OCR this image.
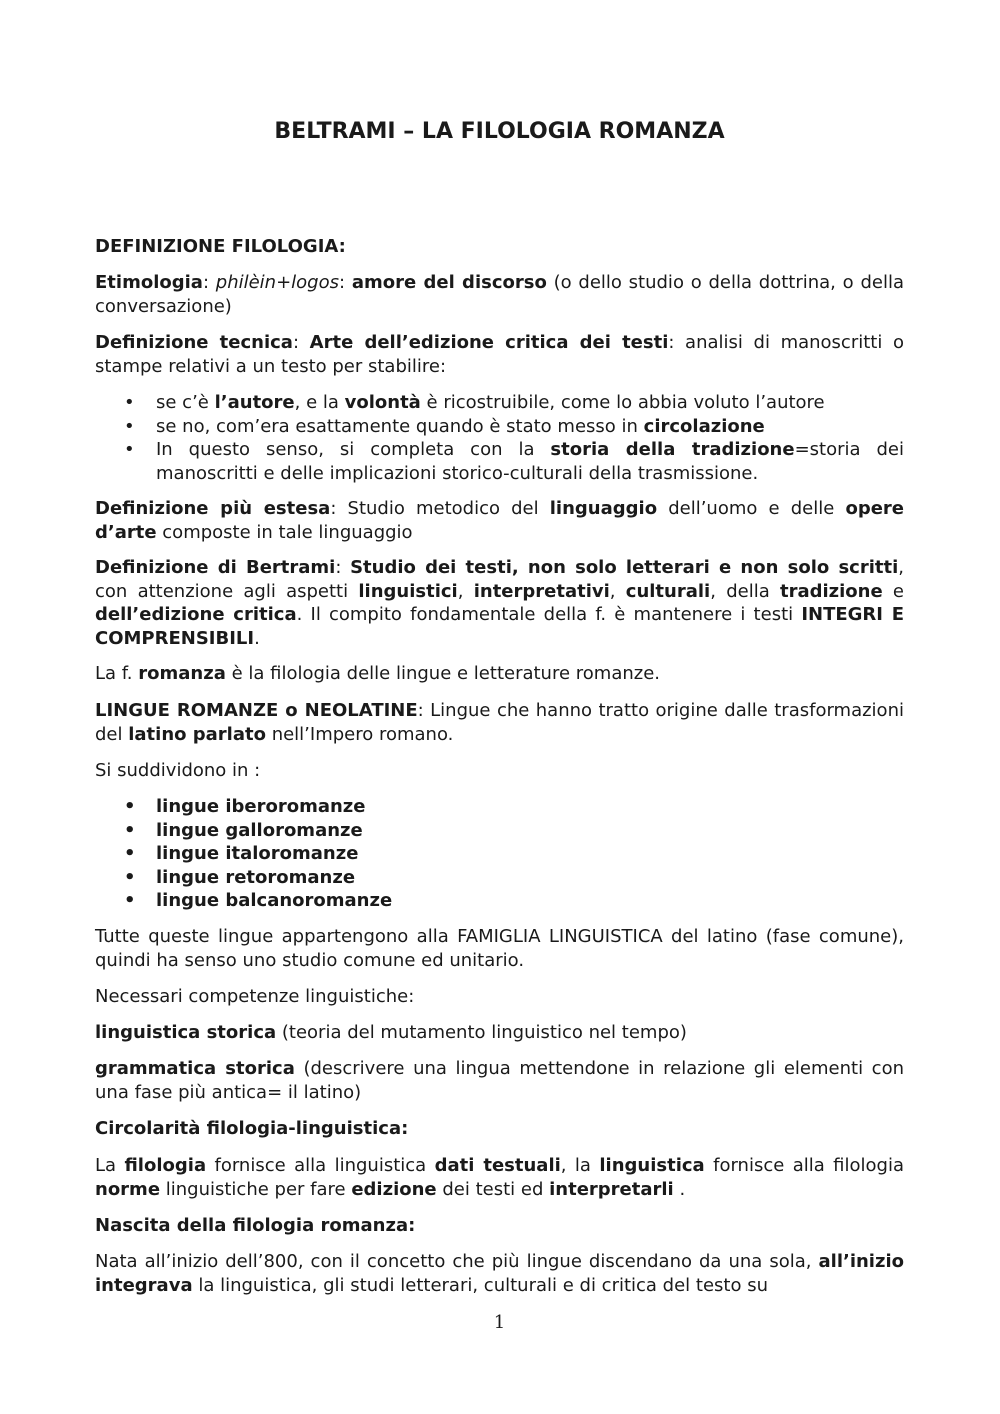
BELTRAMI – LA FILOLOGIA ROMANZA

DEFINIZIONE FILOLOGIA:

Etimologia: philèin+logos: amore del discorso (o dello studio o della dottrina, o della conversazione)

Definizione tecnica: Arte dell’edizione critica dei testi: analisi di manoscritti o stampe relativi a un testo per stabilire:

• se c’è l’autore, e la volontà è ricostruibile, come lo abbia voluto l’autore
• se no, com’era esattamente quando è stato messo in circolazione
• In questo senso, si completa con la storia della tradizione=storia dei manoscritti e delle implicazioni storico-culturali della trasmissione.

Definizione più estesa: Studio metodico del linguaggio dell’uomo e delle opere d’arte composte in tale linguaggio

Definizione di Bertrami: Studio dei testi, non solo letterari e non solo scritti, con attenzione agli aspetti linguistici, interpretativi, culturali, della tradizione e dell’edizione critica. Il compito fondamentale della f. è mantenere i testi INTEGRI E COMPRENSIBILI.

La f. romanza è la filologia delle lingue e letterature romanze.

LINGUE ROMANZE o NEOLATINE: Lingue che hanno tratto origine dalle trasformazioni del latino parlato nell’Impero romano.

Si suddividono in :

• lingue iberoromanze
• lingue galloromanze
• lingue italoromanze
• lingue retoromanze
• lingue balcanoromanze

Tutte queste lingue appartengono alla FAMIGLIA LINGUISTICA del latino (fase comune), quindi ha senso uno studio comune ed unitario.

Necessari competenze linguistiche:

linguistica storica (teoria del mutamento linguistico nel tempo)

grammatica storica (descrivere una lingua mettendone in relazione gli elementi con una fase più antica= il latino)

Circolarità filologia-linguistica:

La filologia fornisce alla linguistica dati testuali, la linguistica fornisce alla filologia norme linguistiche per fare edizione dei testi ed interpretarli .

Nascita della filologia romanza:

Nata all’inizio dell’800, con il concetto che più lingue discendano da una sola, all’inizio integrava la linguistica, gli studi letterari, culturali e di critica del testo su

1
